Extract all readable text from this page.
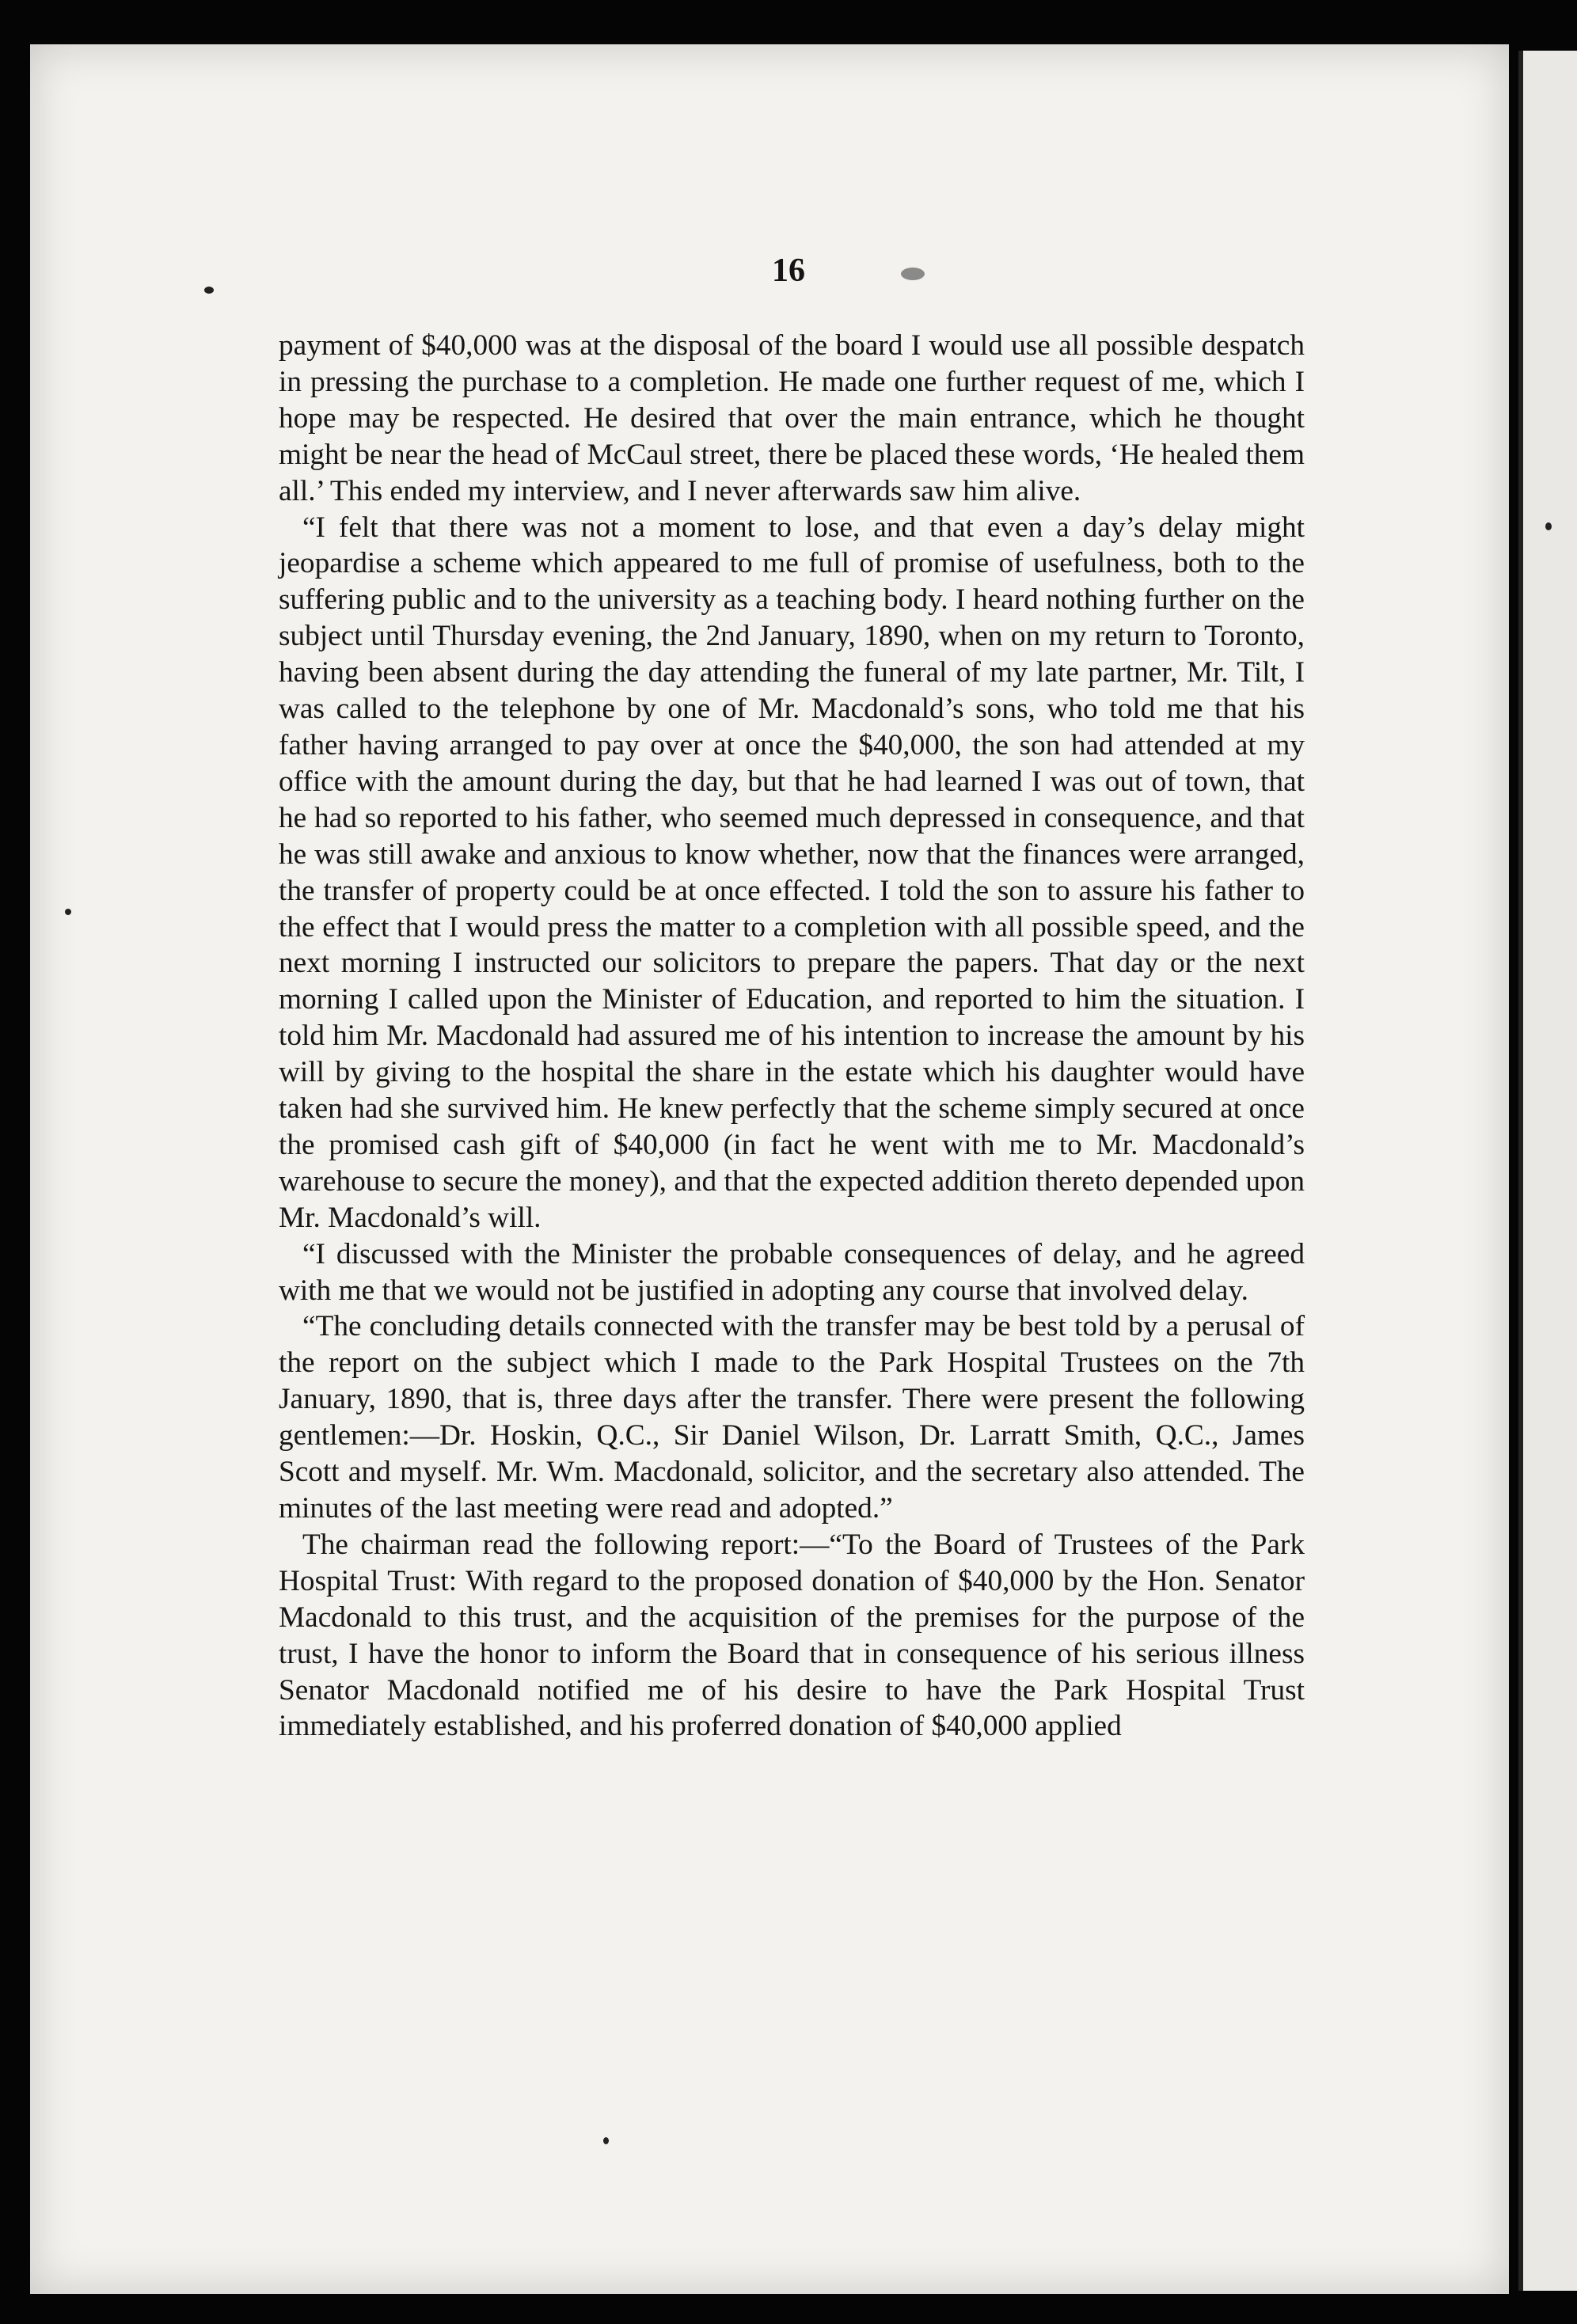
16

payment of $40,000 was at the disposal of the board I would use all possible despatch in pressing the purchase to a completion. He made one further request of me, which I hope may be respected. He desired that over the main entrance, which he thought might be near the head of McCaul street, there be placed these words, ‘He healed them all.’ This ended my interview, and I never afterwards saw him alive.

“I felt that there was not a moment to lose, and that even a day’s delay might jeopardise a scheme which appeared to me full of promise of usefulness, both to the suffering public and to the university as a teaching body. I heard nothing further on the subject until Thursday evening, the 2nd January, 1890, when on my return to Toronto, having been absent during the day attending the funeral of my late partner, Mr. Tilt, I was called to the telephone by one of Mr. Macdonald’s sons, who told me that his father having arranged to pay over at once the $40,000, the son had attended at my office with the amount during the day, but that he had learned I was out of town, that he had so reported to his father, who seemed much depressed in consequence, and that he was still awake and anxious to know whether, now that the finances were arranged, the transfer of property could be at once effected. I told the son to assure his father to the effect that I would press the matter to a completion with all possible speed, and the next morning I instructed our solicitors to prepare the papers. That day or the next morning I called upon the Minister of Education, and reported to him the situation. I told him Mr. Macdonald had assured me of his intention to increase the amount by his will by giving to the hospital the share in the estate which his daughter would have taken had she survived him. He knew perfectly that the scheme simply secured at once the promised cash gift of $40,000 (in fact he went with me to Mr. Macdonald’s warehouse to secure the money), and that the expected addition thereto depended upon Mr. Macdonald’s will.

“I discussed with the Minister the probable consequences of delay, and he agreed with me that we would not be justified in adopting any course that involved delay.

“The concluding details connected with the transfer may be best told by a perusal of the report on the subject which I made to the Park Hospital Trustees on the 7th January, 1890, that is, three days after the transfer. There were present the following gentlemen:—Dr. Hoskin, Q.C., Sir Daniel Wilson, Dr. Larratt Smith, Q.C., James Scott and myself. Mr. Wm. Macdonald, solicitor, and the secretary also attended. The minutes of the last meeting were read and adopted.”

The chairman read the following report:—“To the Board of Trustees of the Park Hospital Trust: With regard to the proposed donation of $40,000 by the Hon. Senator Macdonald to this trust, and the acquisition of the premises for the purpose of the trust, I have the honor to inform the Board that in consequence of his serious illness Senator Macdonald notified me of his desire to have the Park Hospital Trust immediately established, and his proferred donation of $40,000 applied
